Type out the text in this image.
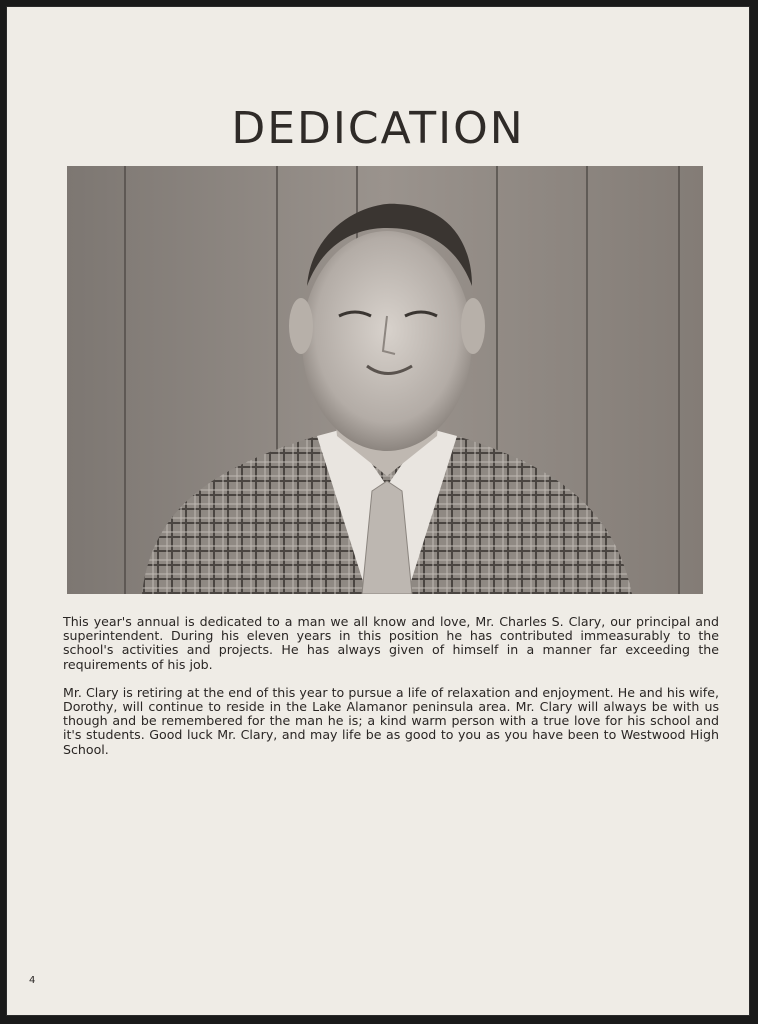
DEDICATION

This year's annual is dedicated to a man we all know and love, Mr. Charles S. Clary, our principal and superintendent. During his eleven years in this position he has contributed immeasurably to the school's activities and projects. He has always given of himself in a manner far exceeding the requirements of his job.

Mr. Clary is retiring at the end of this year to pursue a life of relaxation and enjoyment. He and his wife, Dorothy, will continue to reside in the Lake Alamanor peninsula area. Mr. Clary will always be with us though and be remembered for the man he is; a kind warm person with a true love for his school and it's students. Good luck Mr. Clary, and may life be as good to you as you have been to Westwood High School.

4
